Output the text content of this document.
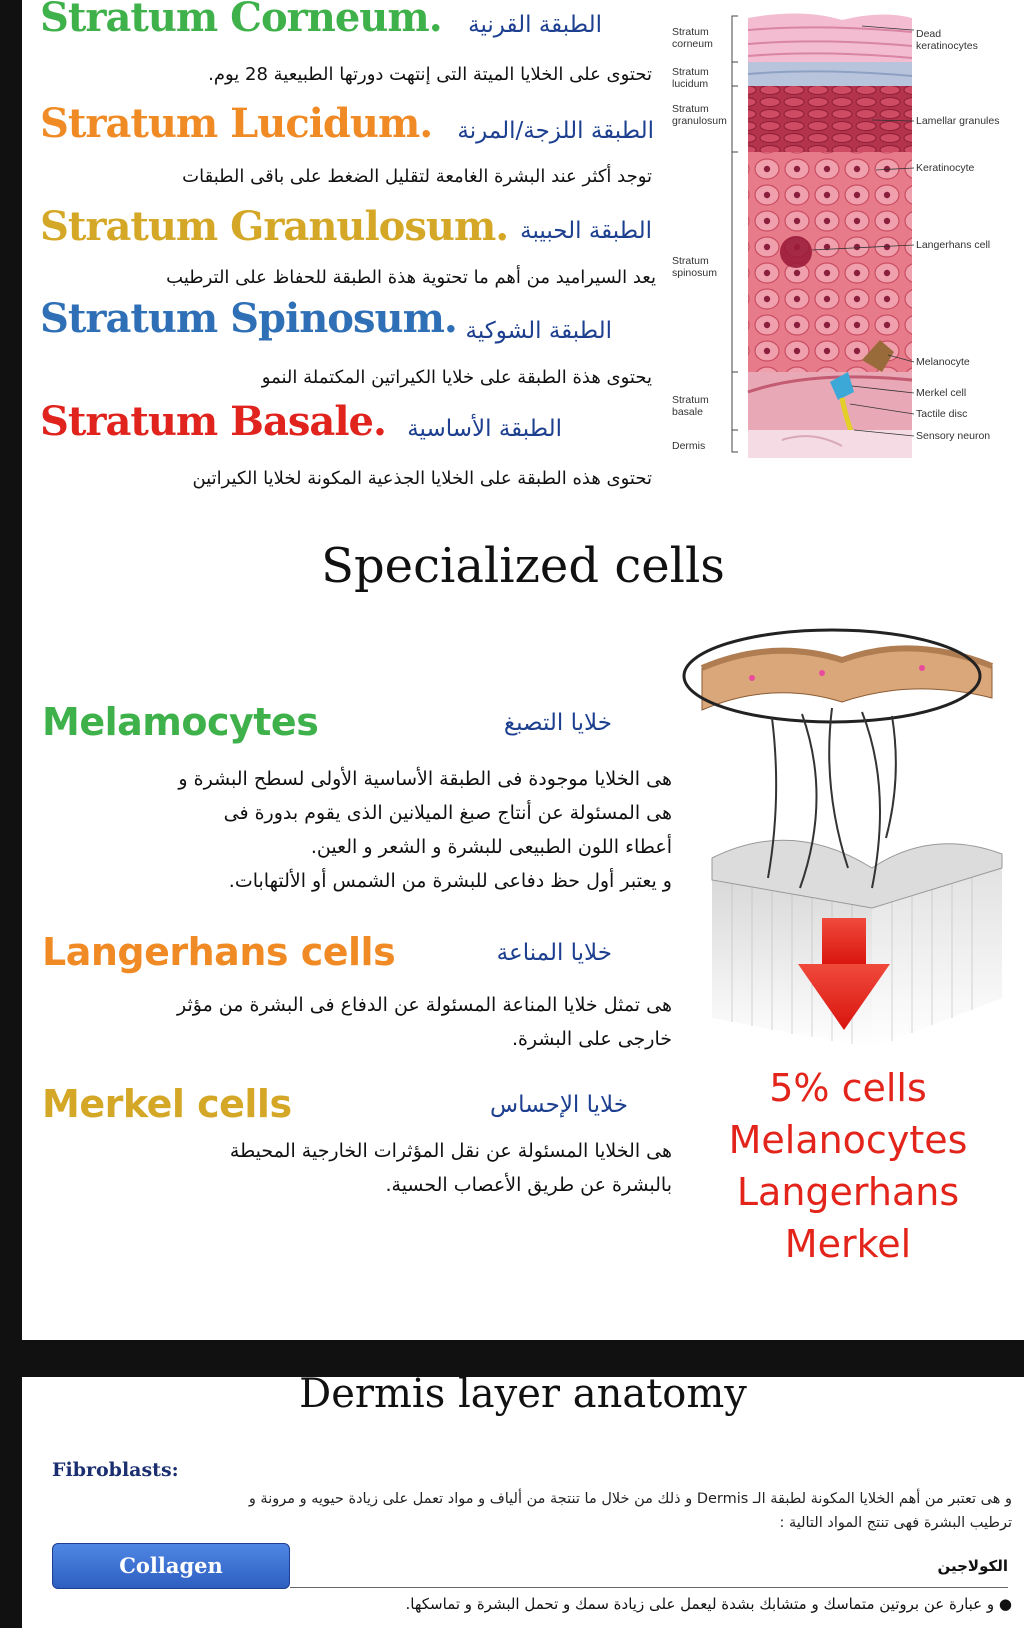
Stratum Corneum.	الطبقة القرنية
تحتوى على الخلايا الميتة التى إنتهت دورتها الطبيعية 28 يوم.
Stratum Lucidum.	الطبقة اللزجة/المرنة
توجد أكثر عند البشرة الغامعة لتقليل الضغط على باقى الطبقات
Stratum Granulosum. الطبقة الحبيبة
يعد السيراميد من أهم ما تحتوية هذة الطبقة للحفاظ على الترطيب
Stratum Spinosum. الطبقة الشوكية
يحتوى هذة الطبقة على خلايا الكيراتين المكتملة النمو
Stratum Basale. الطبقة الأساسية
تحتوى هذه الطبقة على الخلايا الجذعية المكونة لخلايا الكيراتين
Stratum corneum
Stratum lucidum
Stratum granulosum
Stratum spinosum
Stratum basale
Dermis
Dead keratinocytes
Lamellar granules
Keratinocyte
Langerhans cell
Melanocyte
Merkel cell
Tactile disc
Sensory neuron
Specialized cells
Melamocytes	خلايا التصبغ
هى الخلايا موجودة فى الطبقة الأساسية الأولى لسطح البشرة و
هى المسئولة عن أنتاج صبغ الميلانين الذى يقوم بدورة فى
أعطاء اللون الطبيعى للبشرة و الشعر و العين.
و يعتبر أول حظ دفاعى للبشرة من الشمس أو الألتهابات.
Langerhans cells	خلايا المناعة
هى تمثل خلايا المناعة المسئولة عن الدفاع فى البشرة من مؤثر
خارجى على البشرة.
Merkel cells	خلايا الإحساس
هى الخلايا المسئولة عن نقل المؤثرات الخارجية المحيطة
بالبشرة عن طريق الأعصاب الحسية.
5% cells
Melanocytes
Langerhans
Merkel
Dermis layer anatomy
Fibroblasts:
و هى تعتبر من أهم الخلايا المكونة لطبقة الـ Dermis و ذلك من خلال ما تنتجة من ألياف و مواد تعمل على زيادة حيويه و مرونة و
ترطيب البشرة فهى تنتج المواد التالية :
Collagen	الكولاجين
● و عبارة عن بروتين متماسك و متشابك بشدة ليعمل على زيادة سمك و تحمل البشرة و تماسكها.
